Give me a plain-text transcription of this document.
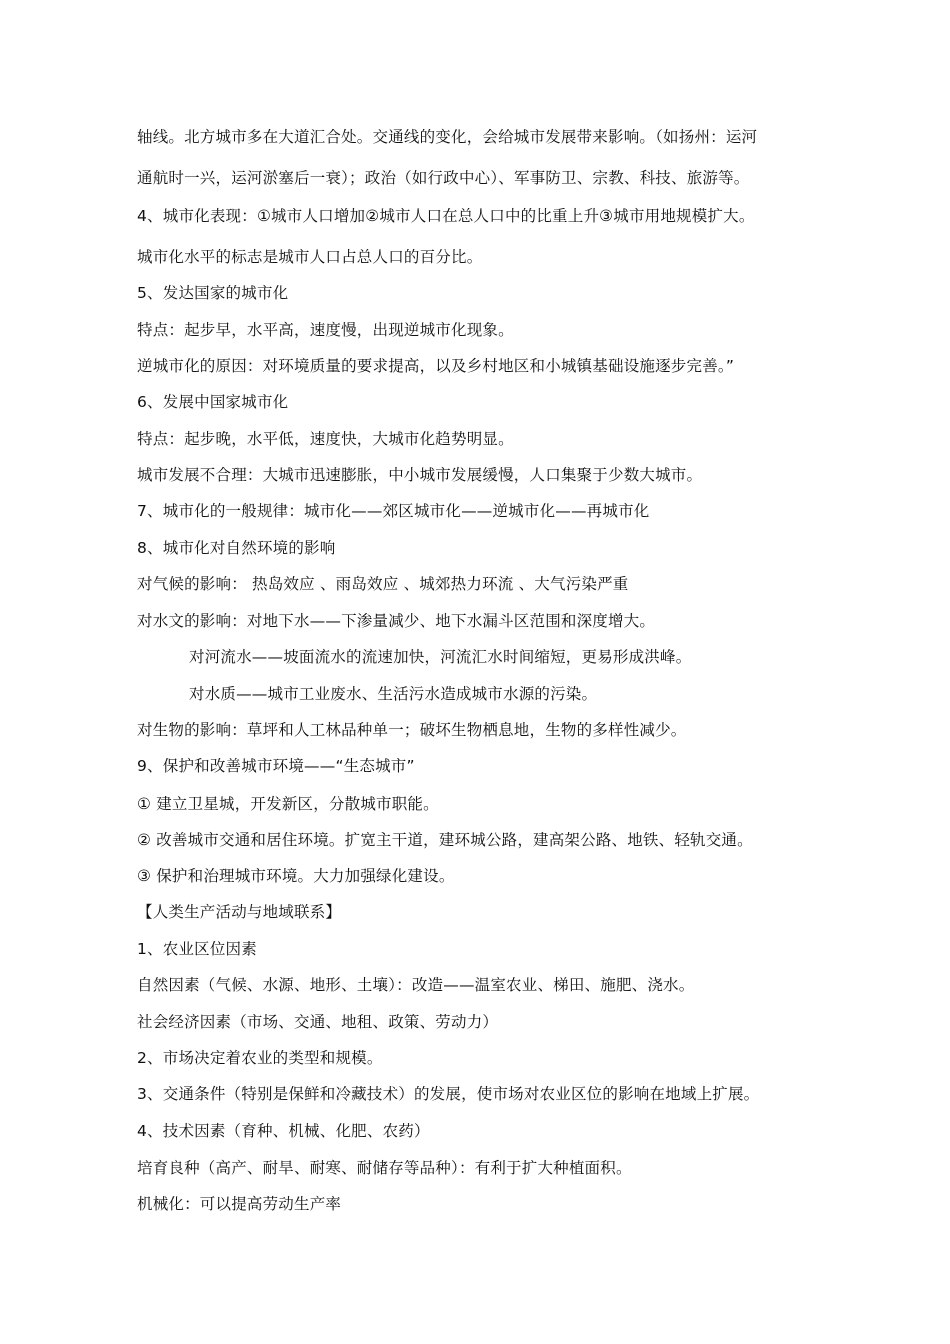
轴线。北方城市多在大道汇合处。交通线的变化，会给城市发展带来影响。（如扬州：运河
通航时一兴，运河淤塞后一衰）；政治（如行政中心）、军事防卫、宗教、科技、旅游等。
4、城市化表现：①城市人口增加②城市人口在总人口中的比重上升③城市用地规模扩大。
城市化水平的标志是城市人口占总人口的百分比。
5、发达国家的城市化
特点：起步早，水平高，速度慢，出现逆城市化现象。
逆城市化的原因：对环境质量的要求提高，以及乡村地区和小城镇基础设施逐步完善。”
6、发展中国家城市化
特点：起步晚，水平低，速度快，大城市化趋势明显。
城市发展不合理：大城市迅速膨胀，中小城市发展缓慢，人口集聚于少数大城市。
7、城市化的一般规律：城市化——郊区城市化——逆城市化——再城市化
8、城市化对自然环境的影响
对气候的影响： 热岛效应 、雨岛效应 、城郊热力环流 、大气污染严重
对水文的影响：对地下水——下渗量减少、地下水漏斗区范围和深度增大。
对河流水——坡面流水的流速加快，河流汇水时间缩短，更易形成洪峰。
对水质——城市工业废水、生活污水造成城市水源的污染。
对生物的影响：草坪和人工林品种单一；破坏生物栖息地，生物的多样性减少。
9、保护和改善城市环境——“生态城市”
① 建立卫星城，开发新区，分散城市职能。
② 改善城市交通和居住环境。扩宽主干道，建环城公路，建高架公路、地铁、轻轨交通。
③ 保护和治理城市环境。大力加强绿化建设。
【人类生产活动与地域联系】
1、农业区位因素
自然因素（气候、水源、地形、土壤）：改造——温室农业、梯田、施肥、浇水。
社会经济因素（市场、交通、地租、政策、劳动力）
2、市场决定着农业的类型和规模。
3、交通条件（特别是保鲜和冷藏技术）的发展，使市场对农业区位的影响在地域上扩展。
4、技术因素（育种、机械、化肥、农药）
培育良种（高产、耐旱、耐寒、耐储存等品种）：有利于扩大种植面积。
机械化：可以提高劳动生产率
